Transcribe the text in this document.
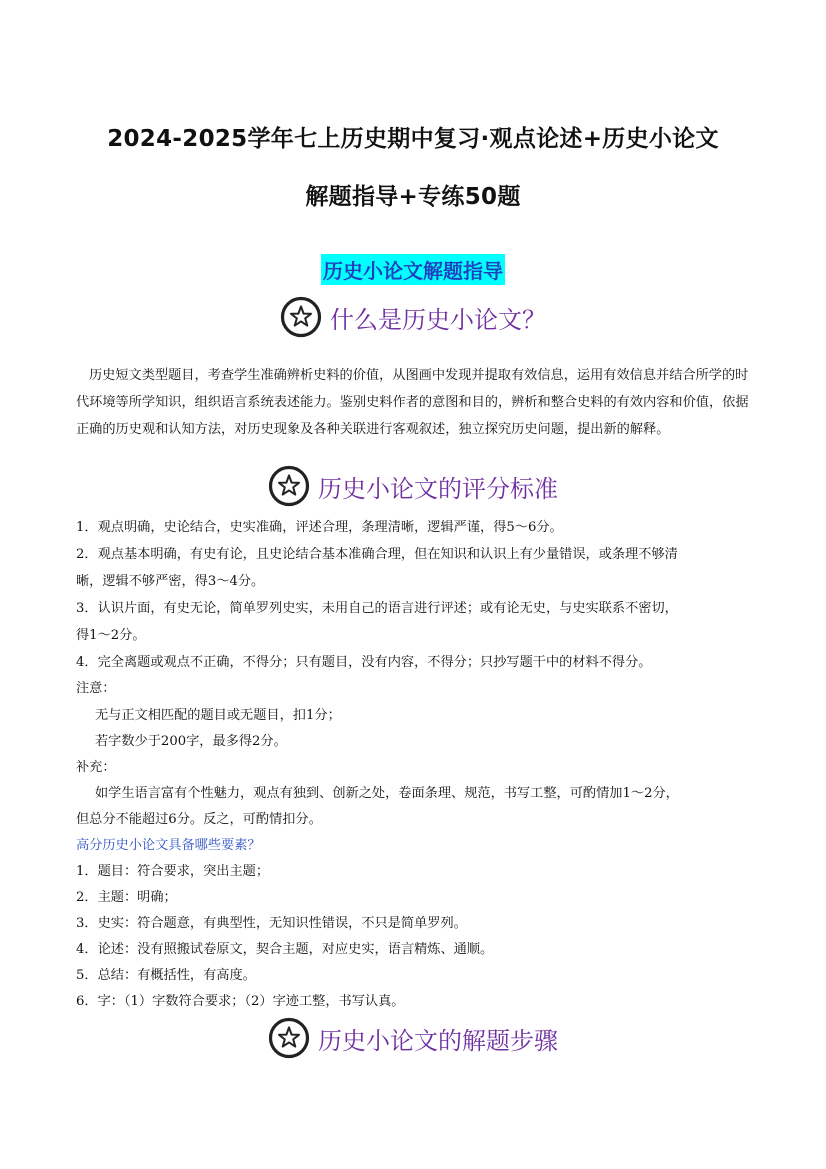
2024-2025学年七上历史期中复习·观点论述+历史小论文
解题指导+专练50题
历史小论文解题指导
什么是历史小论文？
历史短文类型题目，考查学生准确辨析史料的价值，从图画中发现并提取有效信息，运用有效信息并结合所学的时代环境等所学知识，组织语言系统表述能力。鉴别史料作者的意图和目的，辨析和整合史料的有效内容和价值，依据正确的历史观和认知方法，对历史现象及各种关联进行客观叙述，独立探究历史问题，提出新的解释。
历史小论文的评分标准
1．观点明确，史论结合，史实准确，评述合理，条理清晰，逻辑严谨，得5～6分。
2．观点基本明确，有史有论，且史论结合基本准确合理，但在知识和认识上有少量错误，或条理不够清
晰，逻辑不够严密，得3～4分。
3．认识片面，有史无论，简单罗列史实，未用自己的语言进行评述；或有论无史，与史实联系不密切，
得1～2分。
4．完全离题或观点不正确，不得分；只有题目，没有内容，不得分；只抄写题干中的材料不得分。
注意：
无与正文相匹配的题目或无题目，扣1分；
若字数少于200字，最多得2分。
补充：
如学生语言富有个性魅力，观点有独到、创新之处，卷面条理、规范，书写工整，可酌情加1～2分，
但总分不能超过6分。反之，可酌情扣分。
高分历史小论文具备哪些要素？
1．题目：符合要求，突出主题；
2．主题：明确；
3．史实：符合题意，有典型性，无知识性错误，不只是简单罗列。
4．论述：没有照搬试卷原文，契合主题，对应史实，语言精炼、通顺。
5．总结：有概括性，有高度。
6．字：（1）字数符合要求；（2）字迹工整，书写认真。
历史小论文的解题步骤
